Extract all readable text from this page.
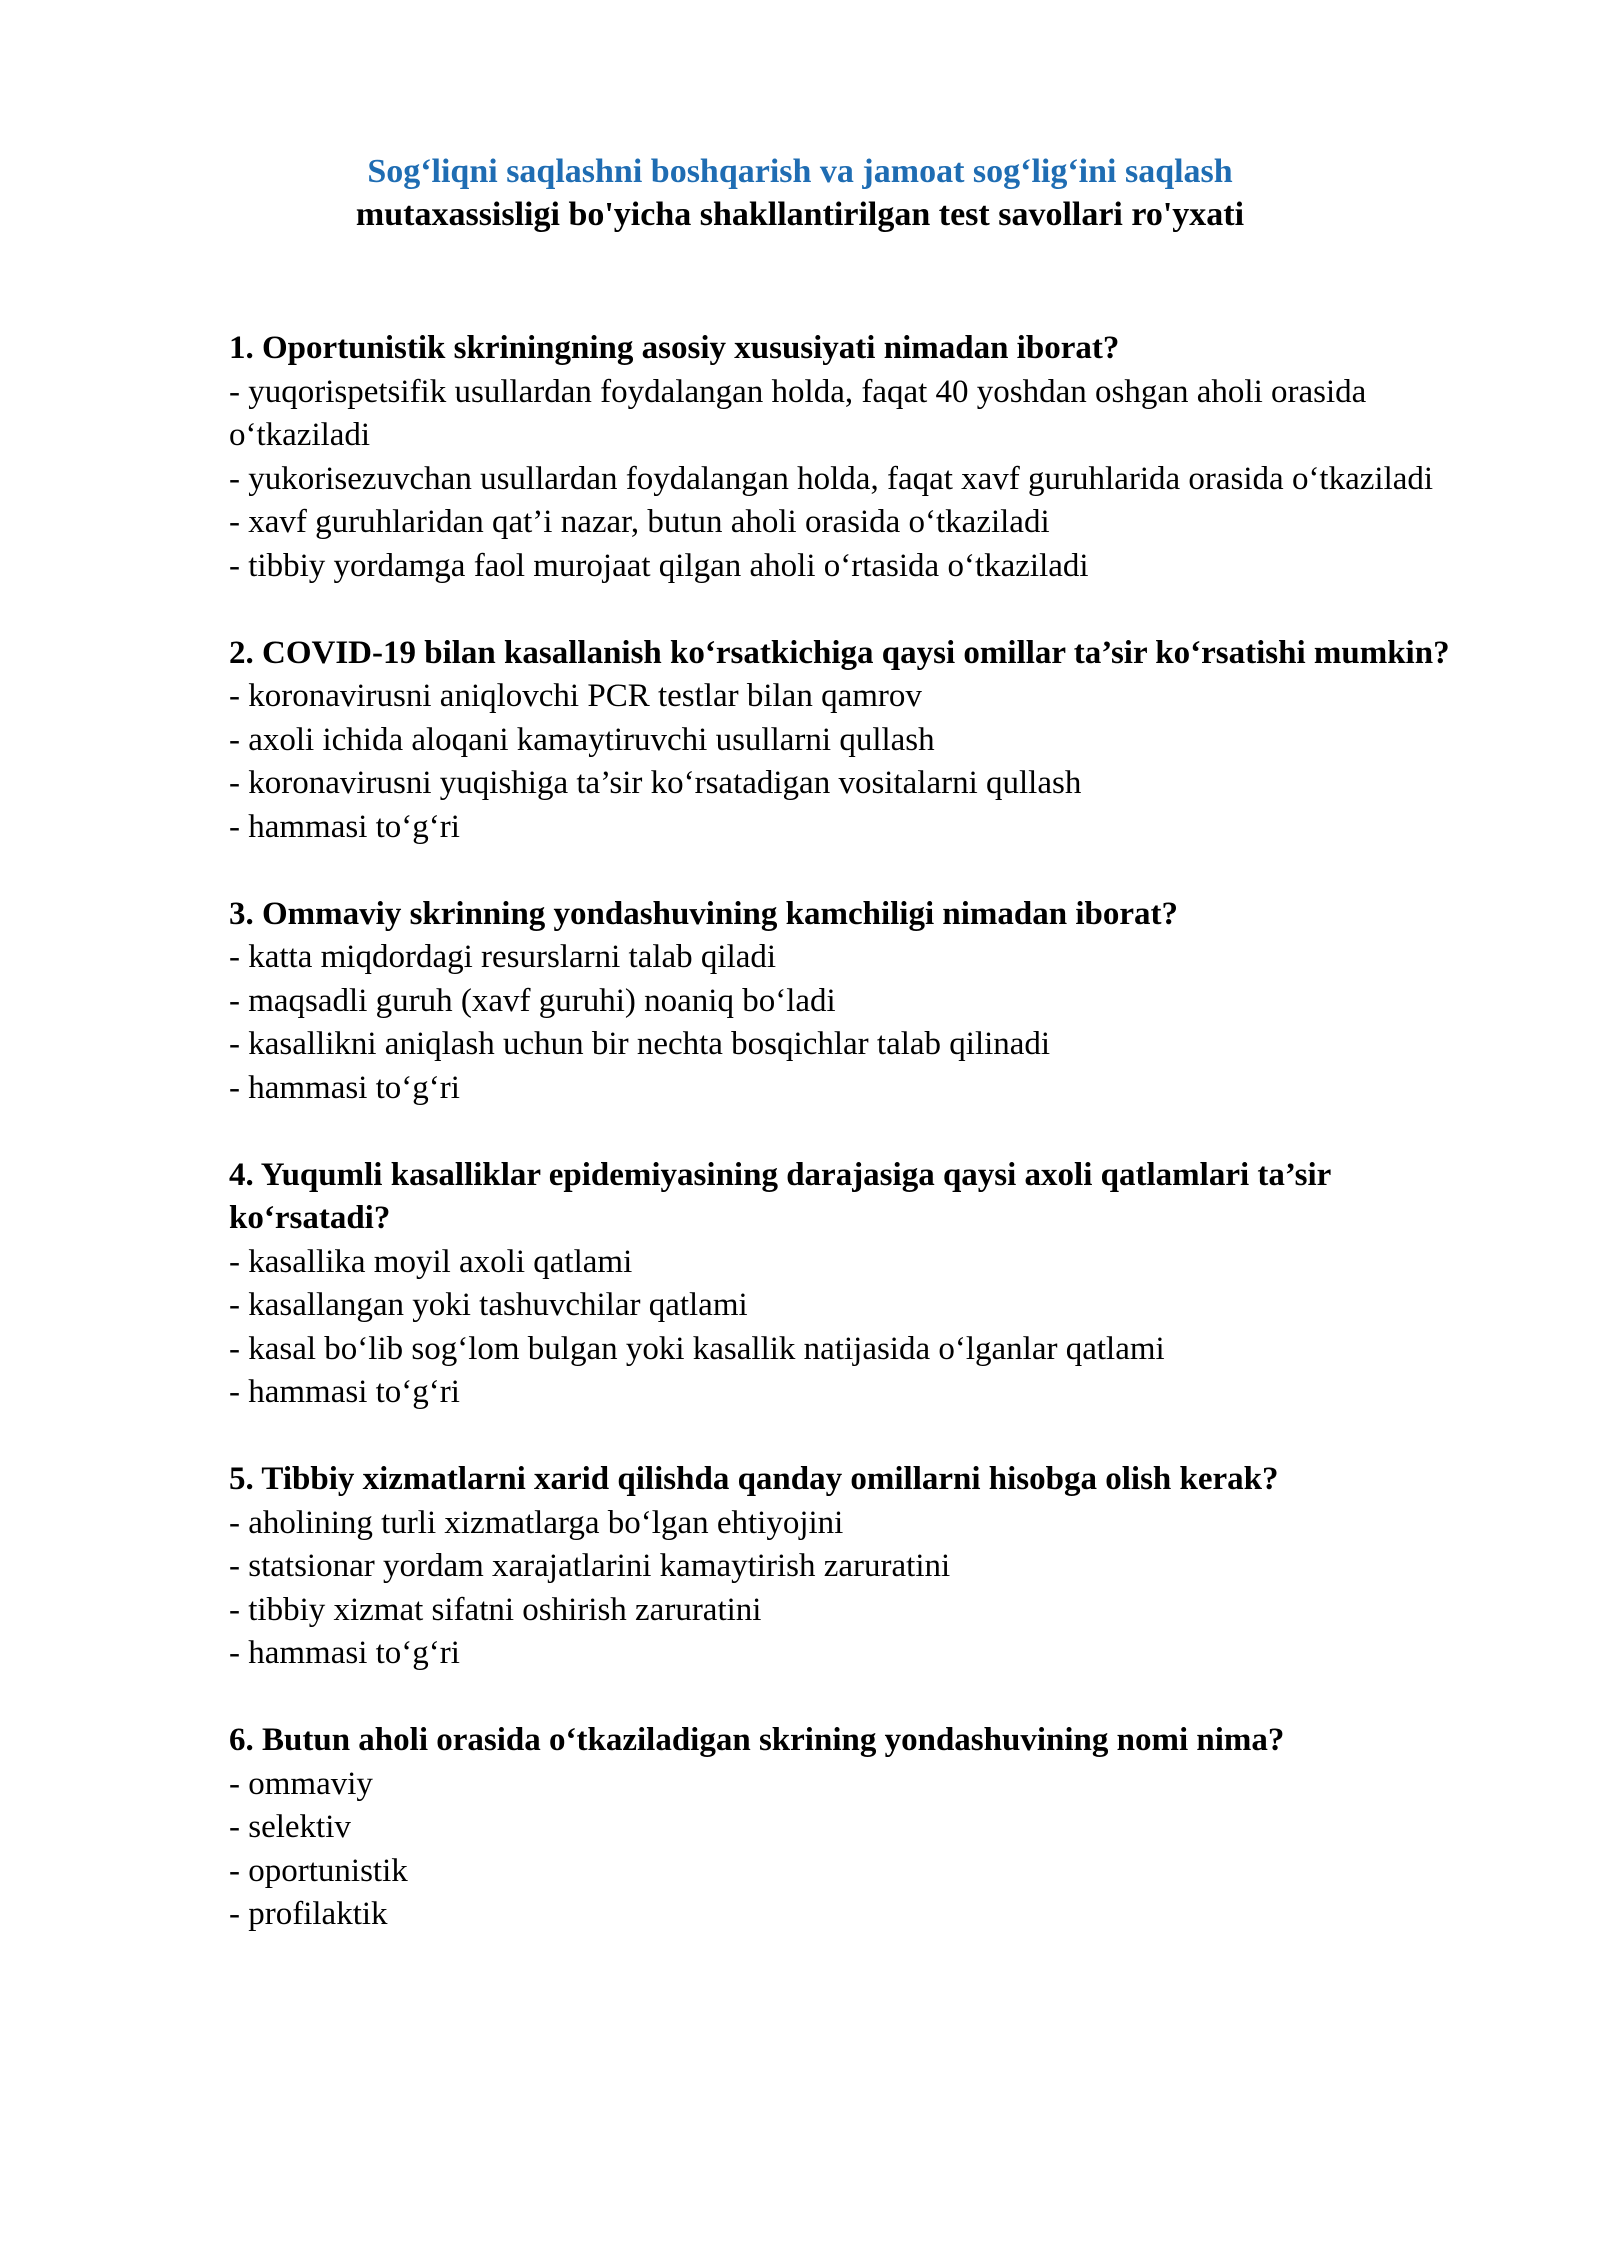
Sog‘liqni saqlashni boshqarish va jamoat sog‘lig‘ini saqlash
mutaxassisligi bo'yicha shakllantirilgan test savollari ro'yxati
1. Oportunistik skriningning asosiy xususiyati nimadan iborat?
- yuqorispetsifik usullardan foydalangan holda, faqat 40 yoshdan oshgan aholi orasida o‘tkaziladi
- yukorisezuvchan usullardan foydalangan holda, faqat xavf guruhlarida orasida o‘tkaziladi
- xavf guruhlaridan qat’i nazar, butun aholi orasida o‘tkaziladi
- tibbiy yordamga faol murojaat qilgan aholi o‘rtasida o‘tkaziladi
2. COVID-19 bilan kasallanish ko‘rsatkichiga qaysi omillar ta’sir ko‘rsatishi mumkin?
- koronavirusni aniqlovchi PCR testlar bilan qamrov
- axoli ichida aloqani kamaytiruvchi usullarni qullash
- koronavirusni yuqishiga ta’sir ko‘rsatadigan vositalarni qullash
- hammasi to‘g‘ri
3. Ommaviy skrinning yondashuvining kamchiligi nimadan iborat?
- katta miqdordagi resurslarni talab qiladi
- maqsadli guruh (xavf guruhi) noaniq bo‘ladi
- kasallikni aniqlash uchun bir nechta bosqichlar talab qilinadi
- hammasi to‘g‘ri
4. Yuqumli kasalliklar epidemiyasining darajasiga qaysi axoli qatlamlari ta’sir ko‘rsatadi?
- kasallika moyil axoli qatlami
- kasallangan yoki tashuvchilar qatlami
- kasal bo‘lib sog‘lom bulgan yoki kasallik natijasida o‘lganlar qatlami
- hammasi to‘g‘ri
5. Tibbiy xizmatlarni xarid qilishda qanday omillarni hisobga olish kerak?
- aholining turli xizmatlarga bo‘lgan ehtiyojini
- statsionar yordam xarajatlarini kamaytirish zaruratini
- tibbiy xizmat sifatni oshirish zaruratini
- hammasi to‘g‘ri
6. Butun aholi orasida o‘tkaziladigan skrining yondashuvining nomi nima?
- ommaviy
- selektiv
- oportunistik
- profilaktik
